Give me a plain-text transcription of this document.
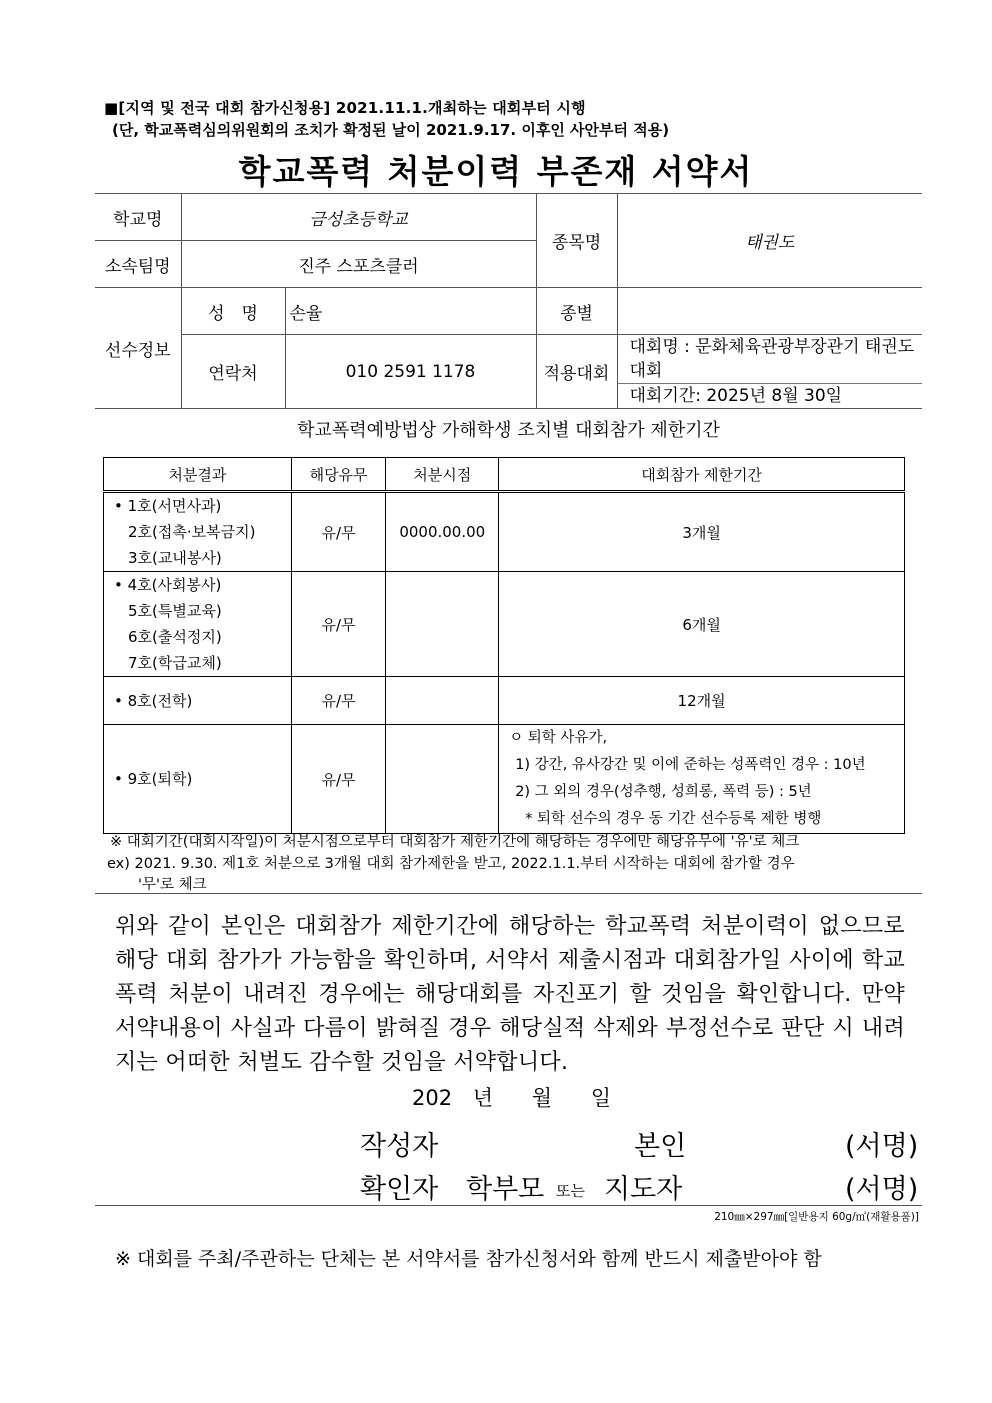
■[지역 및 전국 대회 참가신청용] 2021.11.1.개최하는 대회부터 시행
(단, 학교폭력심의위원회의 조치가 확정된 날이 2021.9.17. 이후인 사안부터 적용)
학교폭력 처분이력 부존재 서약서
학교명	금성초등학교		종목명	태권도
소속팀명	진주 스포츠클러			
선수정보	성　명	손율	종별	
	연락처	010 2591 1178	적용대회	대회명 : 문화체육관광부장관기 태권도대회
대회기간: 2025년 8월 30일
학교폭력예방법상 가해학생 조치별 대회참가 제한기간
처분결과	해당유무	처분시점	대회참가 제한기간

• 1호(서면사과)
2호(접촉·보복금지)
3호(교내봉사)	유/무	0000.00.00	3개월

• 4호(사회봉사)
5호(특별교육)
6호(출석정지)
7호(학급교체)	유/무		6개월

• 8호(전학)	유/무		12개월

• 9호(퇴학)	유/무		ㅇ 퇴학 사유가,
1) 강간, 유사강간 및 이에 준하는 성폭력인 경우 : 10년
2) 그 외의 경우(성추행, 성희롱, 폭력 등) : 5년
* 퇴학 선수의 경우 동 기간 선수등록 제한 병행
※ 대회기간(대회시작일)이 처분시점으로부터 대회참가 제한기간에 해당하는 경우에만 해당유무에 '유'로 체크
ex) 2021. 9.30. 제1호 처분으로 3개월 대회 참가제한을 받고, 2022.1.1.부터 시작하는 대회에 참가할 경우
'무'로 체크
위와 같이 본인은 대회참가 제한기간에 해당하는 학교폭력 처분이력이 없으므로 해당 대회 참가가 가능함을 확인하며, 서약서 제출시점과 대회참가일 사이에 학교폭력 처분이 내려진 경우에는 해당대회를 자진포기 할 것임을 확인합니다. 만약 서약내용이 사실과 다름이 밝혀질 경우 해당실적 삭제와 부정선수로 판단 시 내려지는 어떠한 처벌도 감수할 것임을 서약합니다.
202 년 월 일
작성자	본인	(서명)
확인자 학부모 또는 지도자	(서명)
210㎜×297㎜[일반용지 60g/㎡(재활용품)]
※ 대회를 주최/주관하는 단체는 본 서약서를 참가신청서와 함께 반드시 제출받아야 함
